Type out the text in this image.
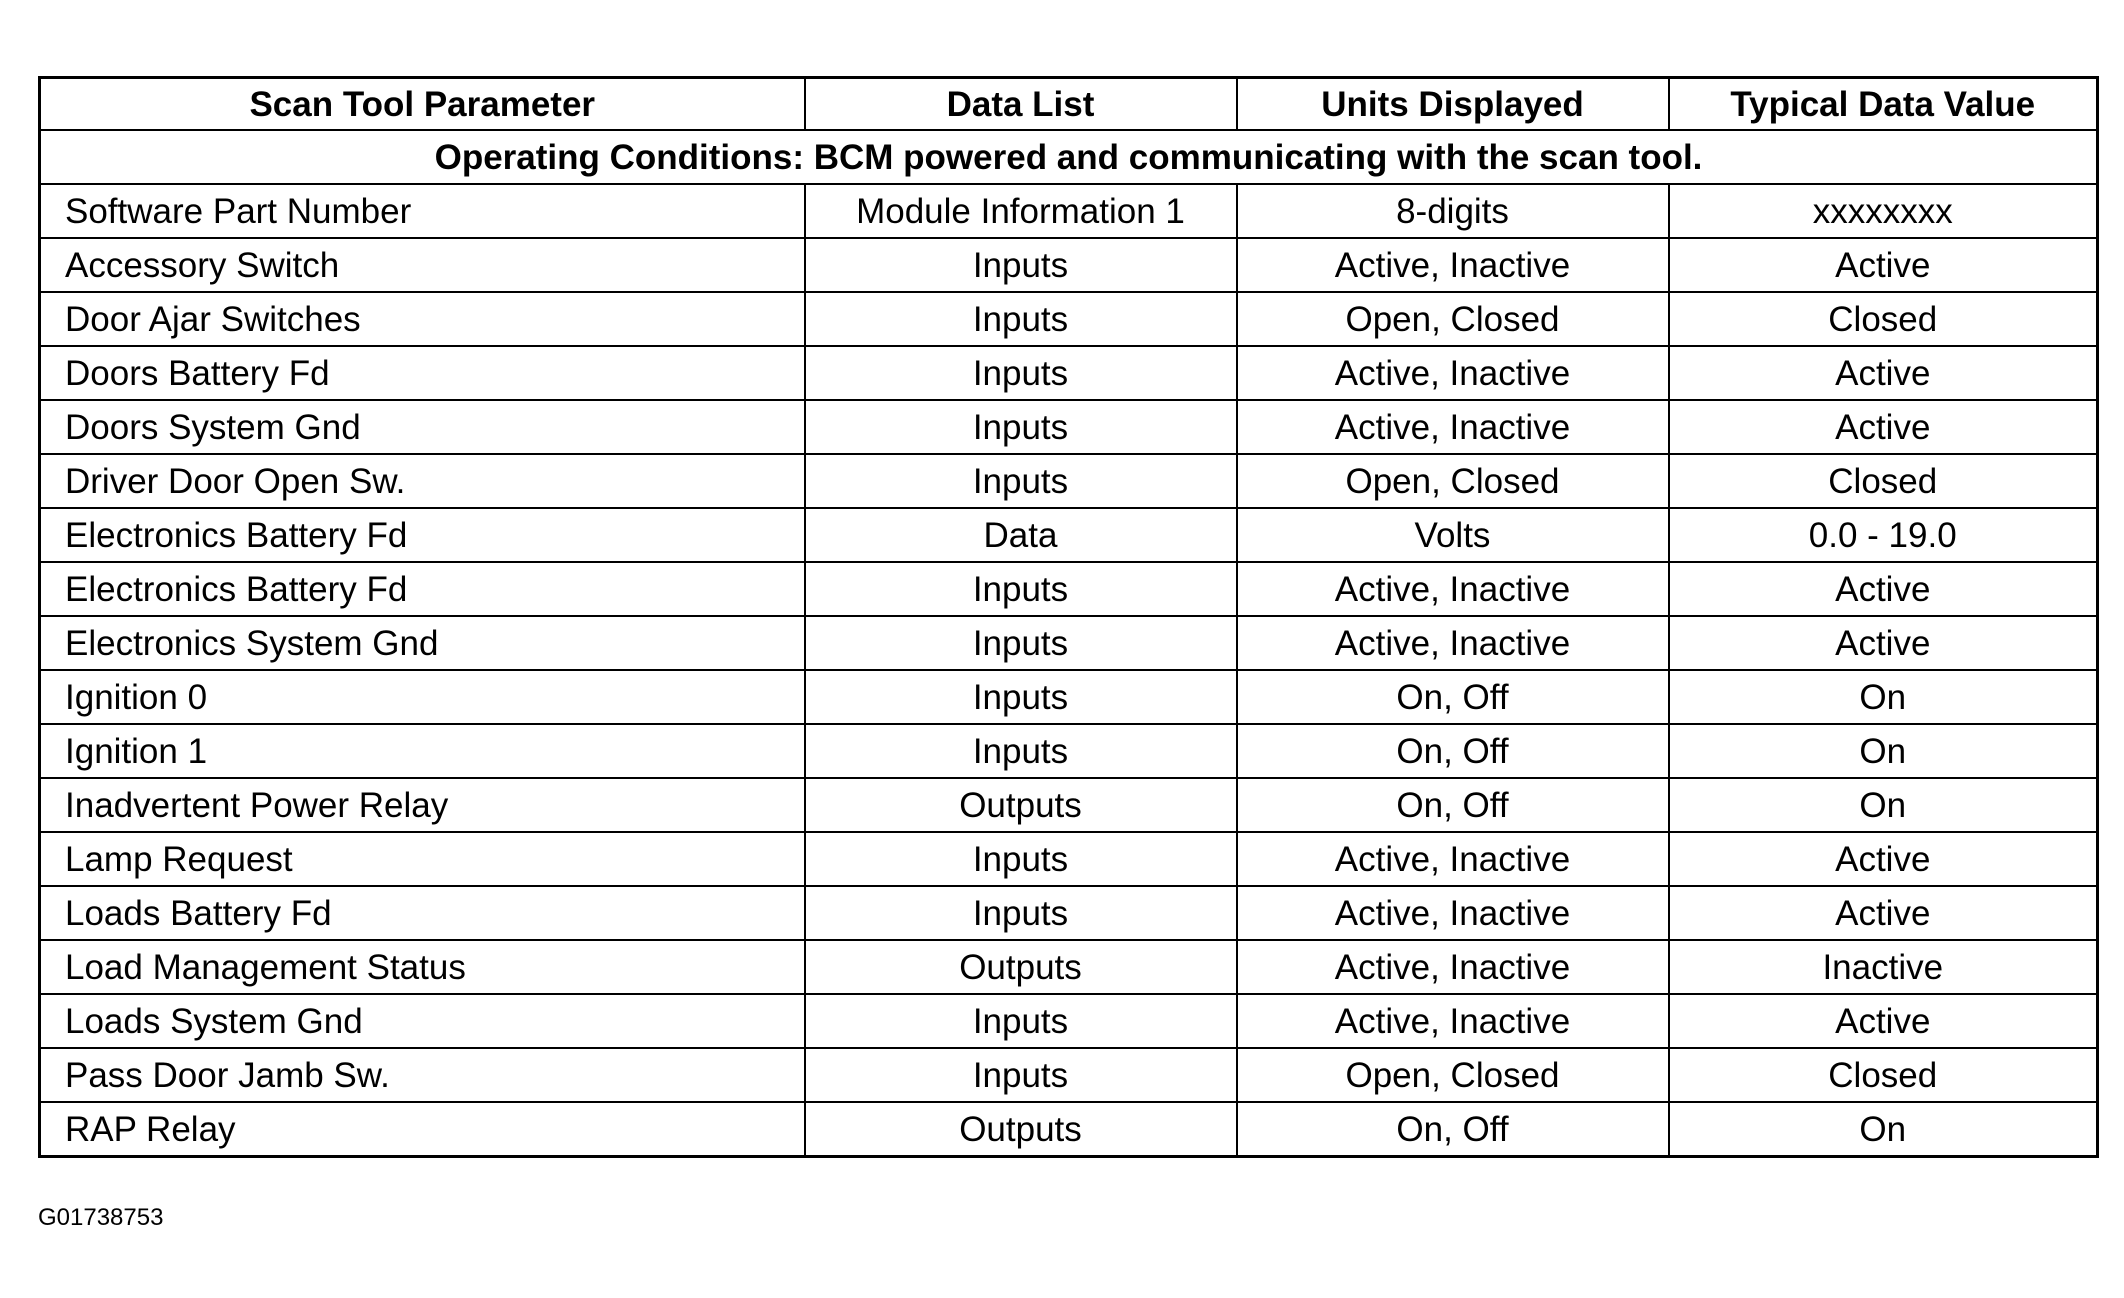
Scan Tool Parameter	Data List	Units Displayed	Typical Data Value
Operating Conditions: BCM powered and communicating with the scan tool.			
Software Part Number	Module Information 1	8-digits	xxxxxxxx
Accessory Switch	Inputs	Active, Inactive	Active
Door Ajar Switches	Inputs	Open, Closed	Closed
Doors Battery Fd	Inputs	Active, Inactive	Active
Doors System Gnd	Inputs	Active, Inactive	Active
Driver Door Open Sw.	Inputs	Open, Closed	Closed
Electronics Battery Fd	Data	Volts	0.0 - 19.0
Electronics Battery Fd	Inputs	Active, Inactive	Active
Electronics System Gnd	Inputs	Active, Inactive	Active
Ignition 0	Inputs	On, Off	On
Ignition 1	Inputs	On, Off	On
Inadvertent Power Relay	Outputs	On, Off	On
Lamp Request	Inputs	Active, Inactive	Active
Loads Battery Fd	Inputs	Active, Inactive	Active
Load Management Status	Outputs	Active, Inactive	Inactive
Loads System Gnd	Inputs	Active, Inactive	Active
Pass Door Jamb Sw.	Inputs	Open, Closed	Closed
RAP Relay	Outputs	On, Off	On
G01738753
